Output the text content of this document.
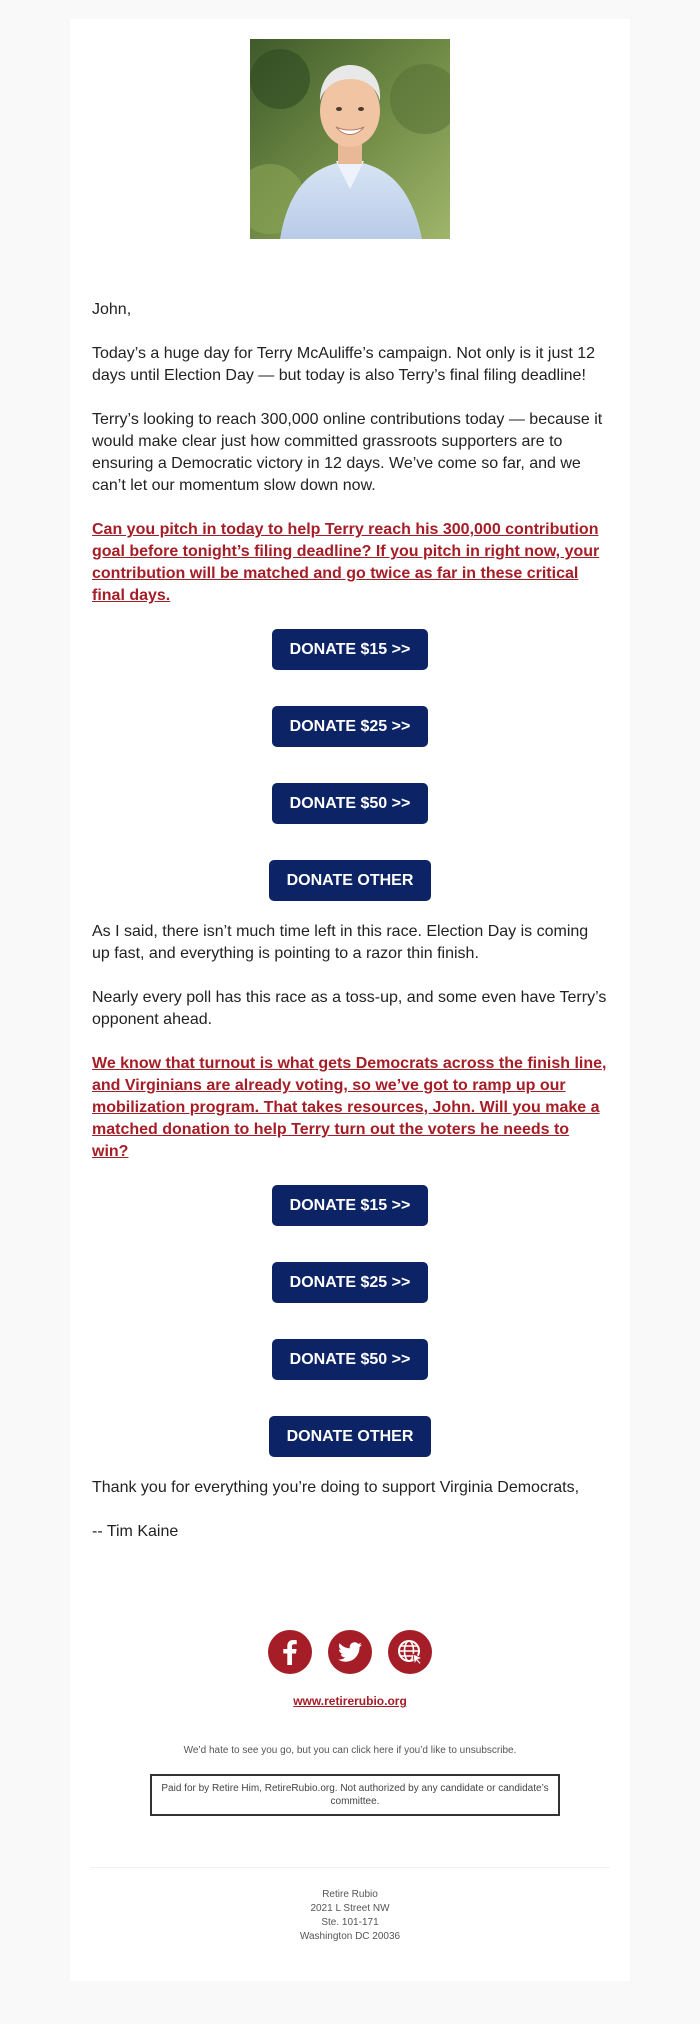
John,

Today’s a huge day for Terry McAuliffe’s campaign. Not only is it just 12 days until Election Day — but today is also Terry’s final filing deadline!

Terry’s looking to reach 300,000 online contributions today — because it would make clear just how committed grassroots supporters are to ensuring a Democratic victory in 12 days. We’ve come so far, and we can’t let our momentum slow down now.

Can you pitch in today to help Terry reach his 300,000 contribution goal before tonight’s filing deadline? If you pitch in right now, your contribution will be matched and go twice as far in these critical final days.

DONATE $15 >>
DONATE $25 >>
DONATE $50 >>
DONATE OTHER

As I said, there isn’t much time left in this race. Election Day is coming up fast, and everything is pointing to a razor thin finish.

Nearly every poll has this race as a toss-up, and some even have Terry’s opponent ahead.

We know that turnout is what gets Democrats across the finish line, and Virginians are already voting, so we’ve got to ramp up our mobilization program. That takes resources, John. Will you make a matched donation to help Terry turn out the voters he needs to win?

DONATE $15 >>
DONATE $25 >>
DONATE $50 >>
DONATE OTHER

Thank you for everything you’re doing to support Virginia Democrats,

-- Tim Kaine

www.retirerubio.org
We’d hate to see you go, but you can click here if you’d like to unsubscribe.
Paid for by Retire Him, RetireRubio.org. Not authorized by any candidate or candidate’s committee.
Retire Rubio
2021 L Street NW
Ste. 101-171
Washington DC 20036
